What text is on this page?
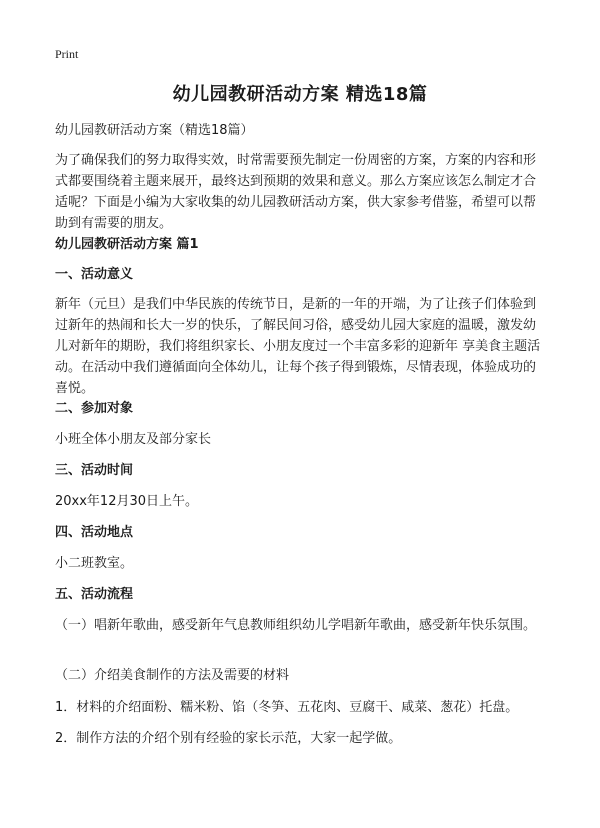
Print
幼儿园教研活动方案 精选18篇
幼儿园教研活动方案（精选18篇）
为了确保我们的努力取得实效，时常需要预先制定一份周密的方案，方案的内容和形式都要围绕着主题来展开，最终达到预期的效果和意义。那么方案应该怎么制定才合适呢？下面是小编为大家收集的幼儿园教研活动方案，供大家参考借鉴，希望可以帮助到有需要的朋友。
幼儿园教研活动方案 篇1
一、活动意义
新年（元旦）是我们中华民族的传统节日，是新的一年的开端，为了让孩子们体验到过新年的热闹和长大一岁的快乐，了解民间习俗，感受幼儿园大家庭的温暖，激发幼儿对新年的期盼，我们将组织家长、小朋友度过一个丰富多彩的迎新年 享美食主题活动。在活动中我们遵循面向全体幼儿，让每个孩子得到锻炼，尽情表现，体验成功的喜悦。
二、参加对象
小班全体小朋友及部分家长
三、活动时间
20xx年12月30日上午。
四、活动地点
小二班教室。
五、活动流程
（一）唱新年歌曲，感受新年气息教师组织幼儿学唱新年歌曲，感受新年快乐氛围。
（二）介绍美食制作的方法及需要的材料
1．材料的介绍面粉、糯米粉、馅（冬笋、五花肉、豆腐干、咸菜、葱花）托盘。
2．制作方法的介绍个别有经验的家长示范，大家一起学做。
